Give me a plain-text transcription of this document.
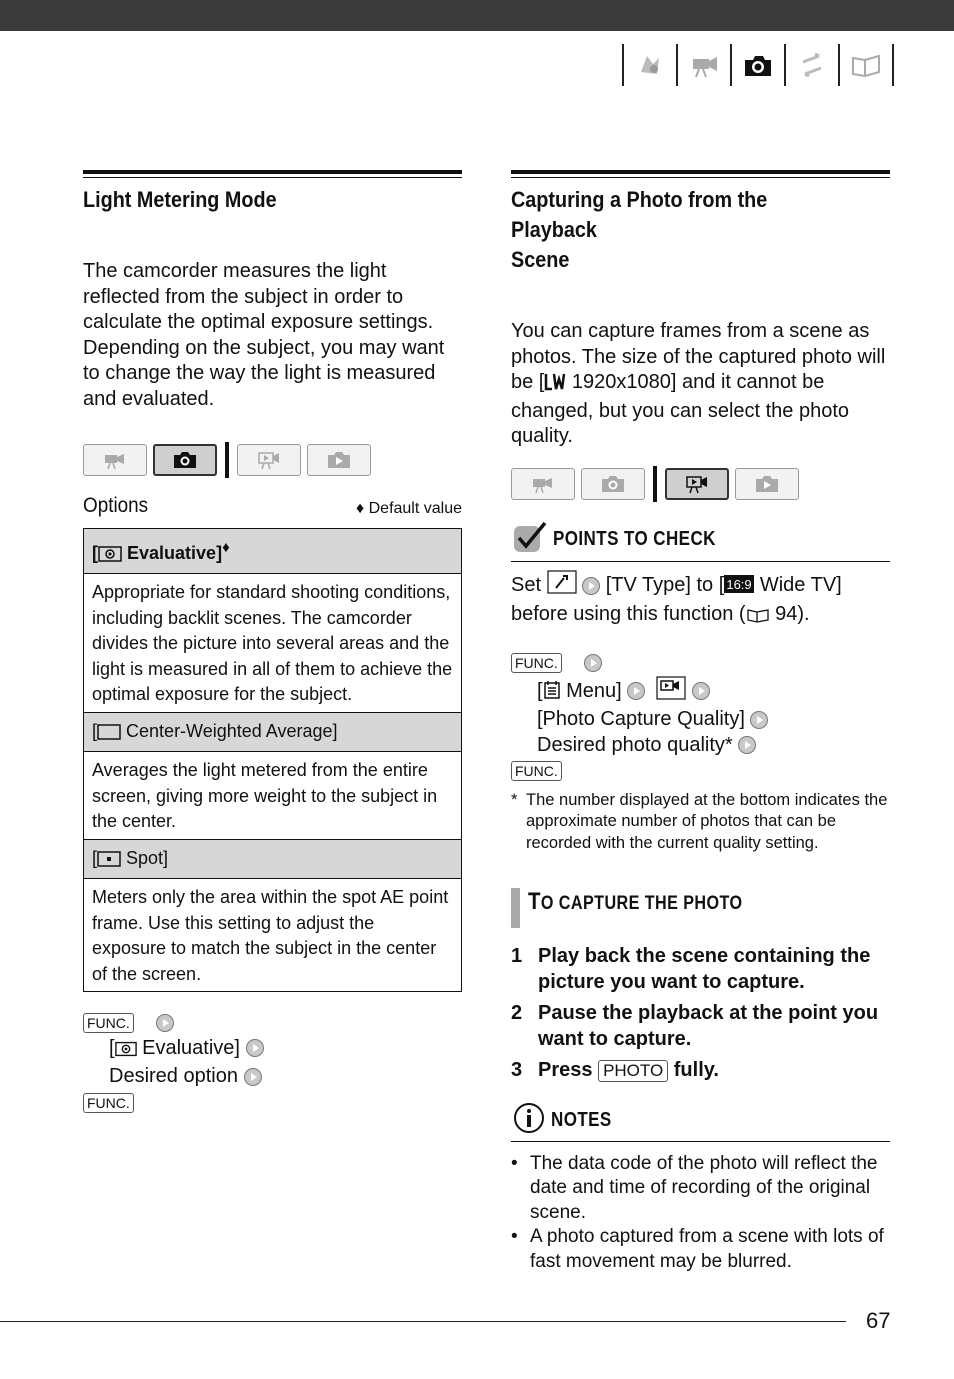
Light Metering Mode
The camcorder measures the light reflected from the subject in order to calculate the optimal exposure settings. Depending on the subject, you may want to change the way the light is measured and evaluated.
Options	♦ Default value
[ Evaluative]♦
Appropriate for standard shooting conditions, including backlit scenes. The camcorder divides the picture into several areas and the light is measured in all of them to achieve the optimal exposure for the subject.
[ Center-Weighted Average]
Averages the light metered from the entire screen, giving more weight to the subject in the center.
[ Spot]
Meters only the area within the spot AE point frame. Use this setting to adjust the exposure to match the subject in the center of the screen.
FUNC.
[ Evaluative]
Desired option
FUNC.
Capturing a Photo from the Playback
Scene
You can capture frames from a scene as photos. The size of the captured photo will be [ 1920x1080] and it cannot be changed, but you can select the photo quality.
POINTS TO CHECK
Set	[TV Type] to [ 16:9 Wide TV] before using this function ( 94).
FUNC.
[ Menu]
[Photo Capture Quality]
Desired photo quality*
FUNC.
* The number displayed at the bottom indicates the approximate number of photos that can be recorded with the current quality setting.
TO CAPTURE THE PHOTO
1 Play back the scene containing the picture you want to capture.
2 Pause the playback at the point you want to capture.
3 Press PHOTO fully.
NOTES
• The data code of the photo will reflect the date and time of recording of the original scene.
• A photo captured from a scene with lots of fast movement may be blurred.
67
